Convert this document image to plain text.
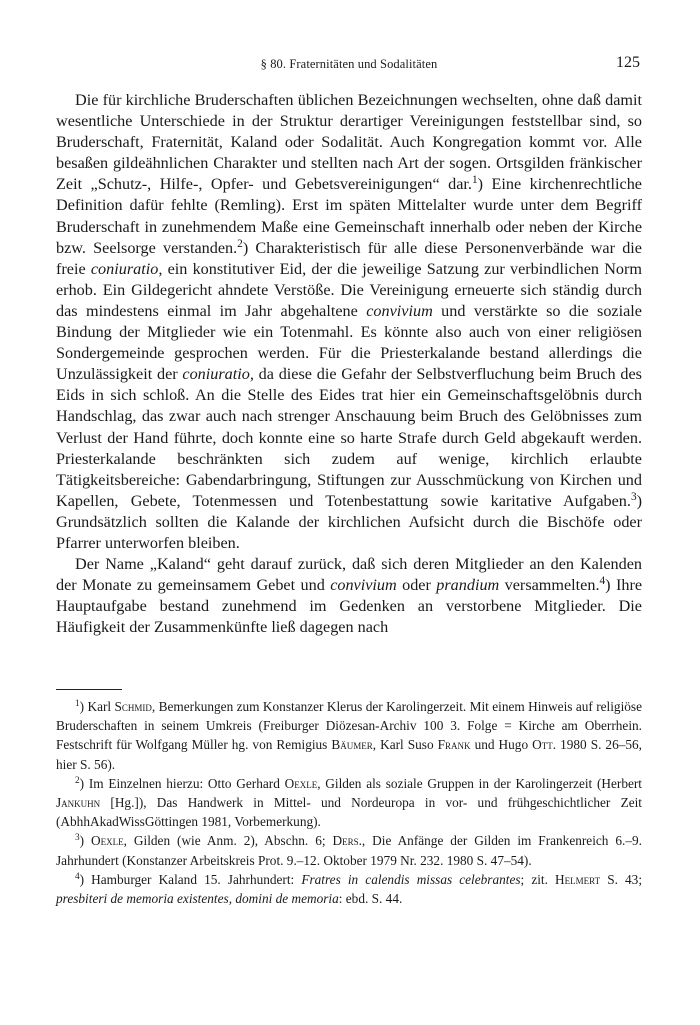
§ 80. Fraternitäten und Sodalitäten	125

Die für kirchliche Bruderschaften üblichen Bezeichnungen wechselten, ohne daß damit wesentliche Unterschiede in der Struktur derartiger Vereinigungen feststellbar sind, so Bruderschaft, Fraternität, Kaland oder Sodalität. Auch Kongregation kommt vor. Alle besaßen gildeähnlichen Charakter und stellten nach Art der sogen. Ortsgilden fränkischer Zeit „Schutz-, Hilfe-, Opfer- und Gebetsvereinigungen“ dar.$^1$) Eine kirchenrechtliche Definition dafür fehlte (Remling). Erst im späten Mittelalter wurde unter dem Begriff Bruderschaft in zunehmendem Maße eine Gemeinschaft innerhalb oder neben der Kirche bzw. Seelsorge verstanden.$^2$) Charakteristisch für alle diese Personenverbände war die freie coniuratio, ein konstitutiver Eid, der die jeweilige Satzung zur verbindlichen Norm erhob. Ein Gildegericht ahndete Verstöße. Die Vereinigung erneuerte sich ständig durch das mindestens einmal im Jahr abgehaltene convivium und verstärkte so die soziale Bindung der Mitglieder wie ein Totenmahl. Es könnte also auch von einer religiösen Sondergemeinde gesprochen werden. Für die Priesterkalande bestand allerdings die Unzulässigkeit der coniuratio, da diese die Gefahr der Selbstverfluchung beim Bruch des Eids in sich schloß. An die Stelle des Eides trat hier ein Gemeinschaftsgelöbnis durch Handschlag, das zwar auch nach strenger Anschauung beim Bruch des Gelöbnisses zum Verlust der Hand führte, doch konnte eine so harte Strafe durch Geld abgekauft werden. Priesterkalande beschränkten sich zudem auf wenige, kirchlich erlaubte Tätigkeitsbereiche: Gabendarbringung, Stiftungen zur Ausschmückung von Kirchen und Kapellen, Gebete, Totenmessen und Totenbestattung sowie karitative Aufgaben.$^3$) Grundsätzlich sollten die Kalande der kirchlichen Aufsicht durch die Bischöfe oder Pfarrer unterworfen bleiben.

Der Name „Kaland“ geht darauf zurück, daß sich deren Mitglieder an den Kalenden der Monate zu gemeinsamem Gebet und convivium oder prandium versammelten.$^4$) Ihre Hauptaufgabe bestand zunehmend im Gedenken an verstorbene Mitglieder. Die Häufigkeit der Zusammenkünfte ließ dagegen nach

$^1$) Karl Schmid, Bemerkungen zum Konstanzer Klerus der Karolingerzeit. Mit einem Hinweis auf religiöse Bruderschaften in seinem Umkreis (Freiburger Diözesan-Archiv 100 3. Folge = Kirche am Oberrhein. Festschrift für Wolfgang Müller hg. von Remigius Bäumer, Karl Suso Frank und Hugo Ott. 1980 S. 26–56, hier S. 56).

$^2$) Im Einzelnen hierzu: Otto Gerhard Oexle, Gilden als soziale Gruppen in der Karolingerzeit (Herbert Jankuhn [Hg.]), Das Handwerk in Mittel- und Nordeuropa in vor- und frühgeschichtlicher Zeit (AbhhAkadWissGöttingen 1981, Vorbemerkung).

$^3$) Oexle, Gilden (wie Anm. 2), Abschn. 6; Ders., Die Anfänge der Gilden im Frankenreich 6.–9. Jahrhundert (Konstanzer Arbeitskreis Prot. 9.–12. Oktober 1979 Nr. 232. 1980 S. 47–54).

$^4$) Hamburger Kaland 15. Jahrhundert: Fratres in calendis missas celebrantes; zit. Helmert S. 43; presbiteri de memoria existentes, domini de memoria: ebd. S. 44.
